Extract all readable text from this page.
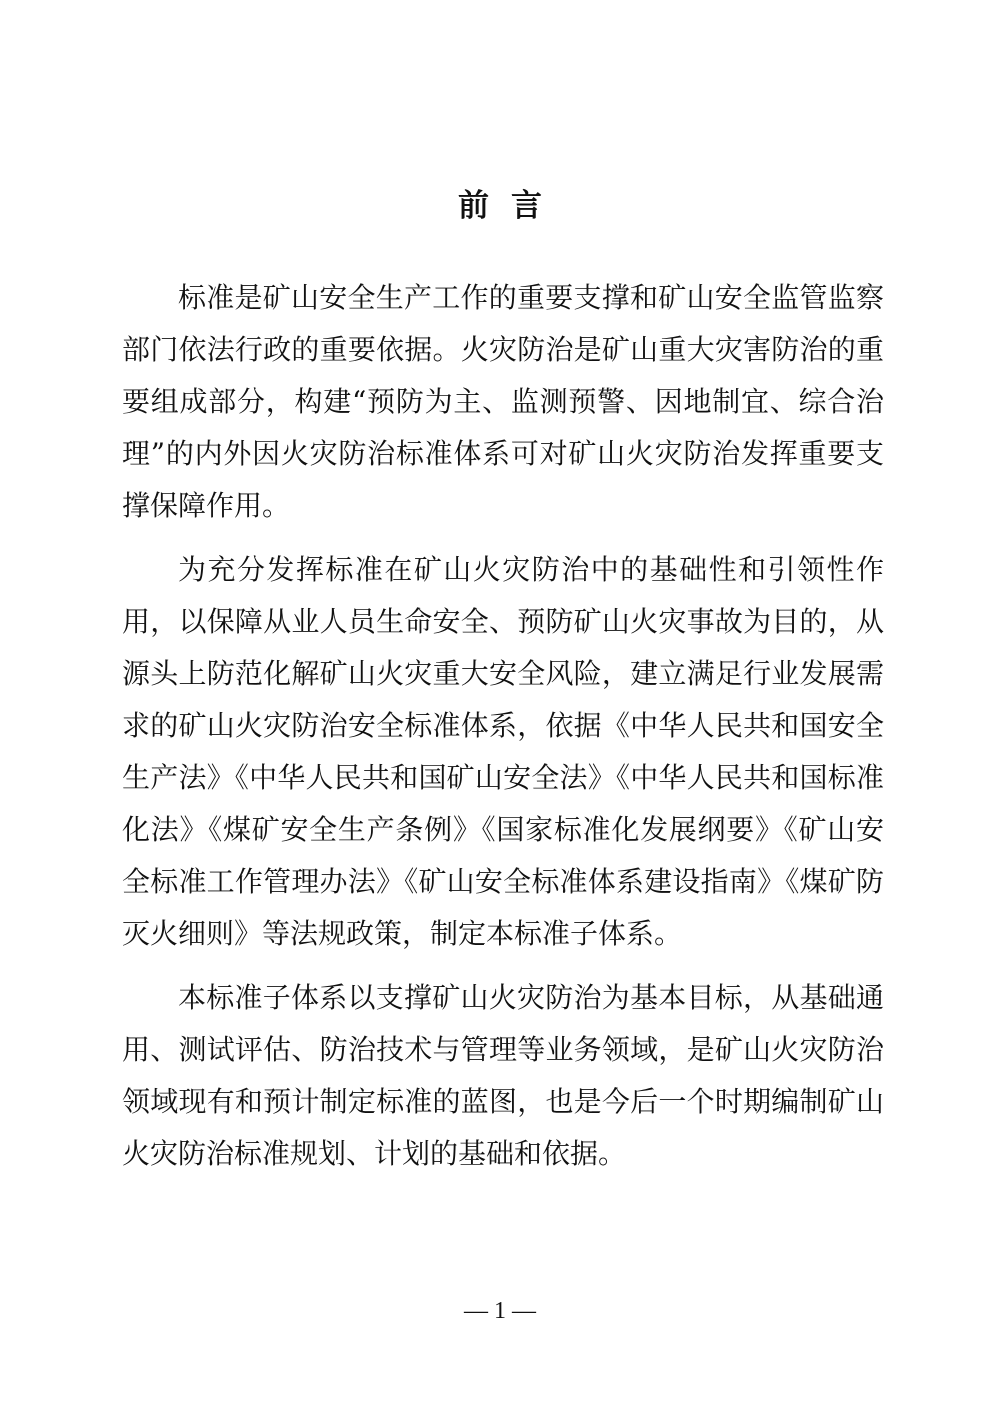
前言

标准是矿山安全生产工作的重要支撑和矿山安全监管监察部门依法行政的重要依据。火灾防治是矿山重大灾害防治的重要组成部分，构建“预防为主、监测预警、因地制宜、综合治理”的内外因火灾防治标准体系可对矿山火灾防治发挥重要支撑保障作用。

为充分发挥标准在矿山火灾防治中的基础性和引领性作用，以保障从业人员生命安全、预防矿山火灾事故为目的，从源头上防范化解矿山火灾重大安全风险，建立满足行业发展需求的矿山火灾防治安全标准体系，依据《中华人民共和国安全生产法》《中华人民共和国矿山安全法》《中华人民共和国标准化法》《煤矿安全生产条例》《国家标准化发展纲要》《矿山安全标准工作管理办法》《矿山安全标准体系建设指南》《煤矿防灭火细则》等法规政策，制定本标准子体系。

本标准子体系以支撑矿山火灾防治为基本目标，从基础通用、测试评估、防治技术与管理等业务领域，是矿山火灾防治领域现有和预计制定标准的蓝图，也是今后一个时期编制矿山火灾防治标准规划、计划的基础和依据。

— 1 —
